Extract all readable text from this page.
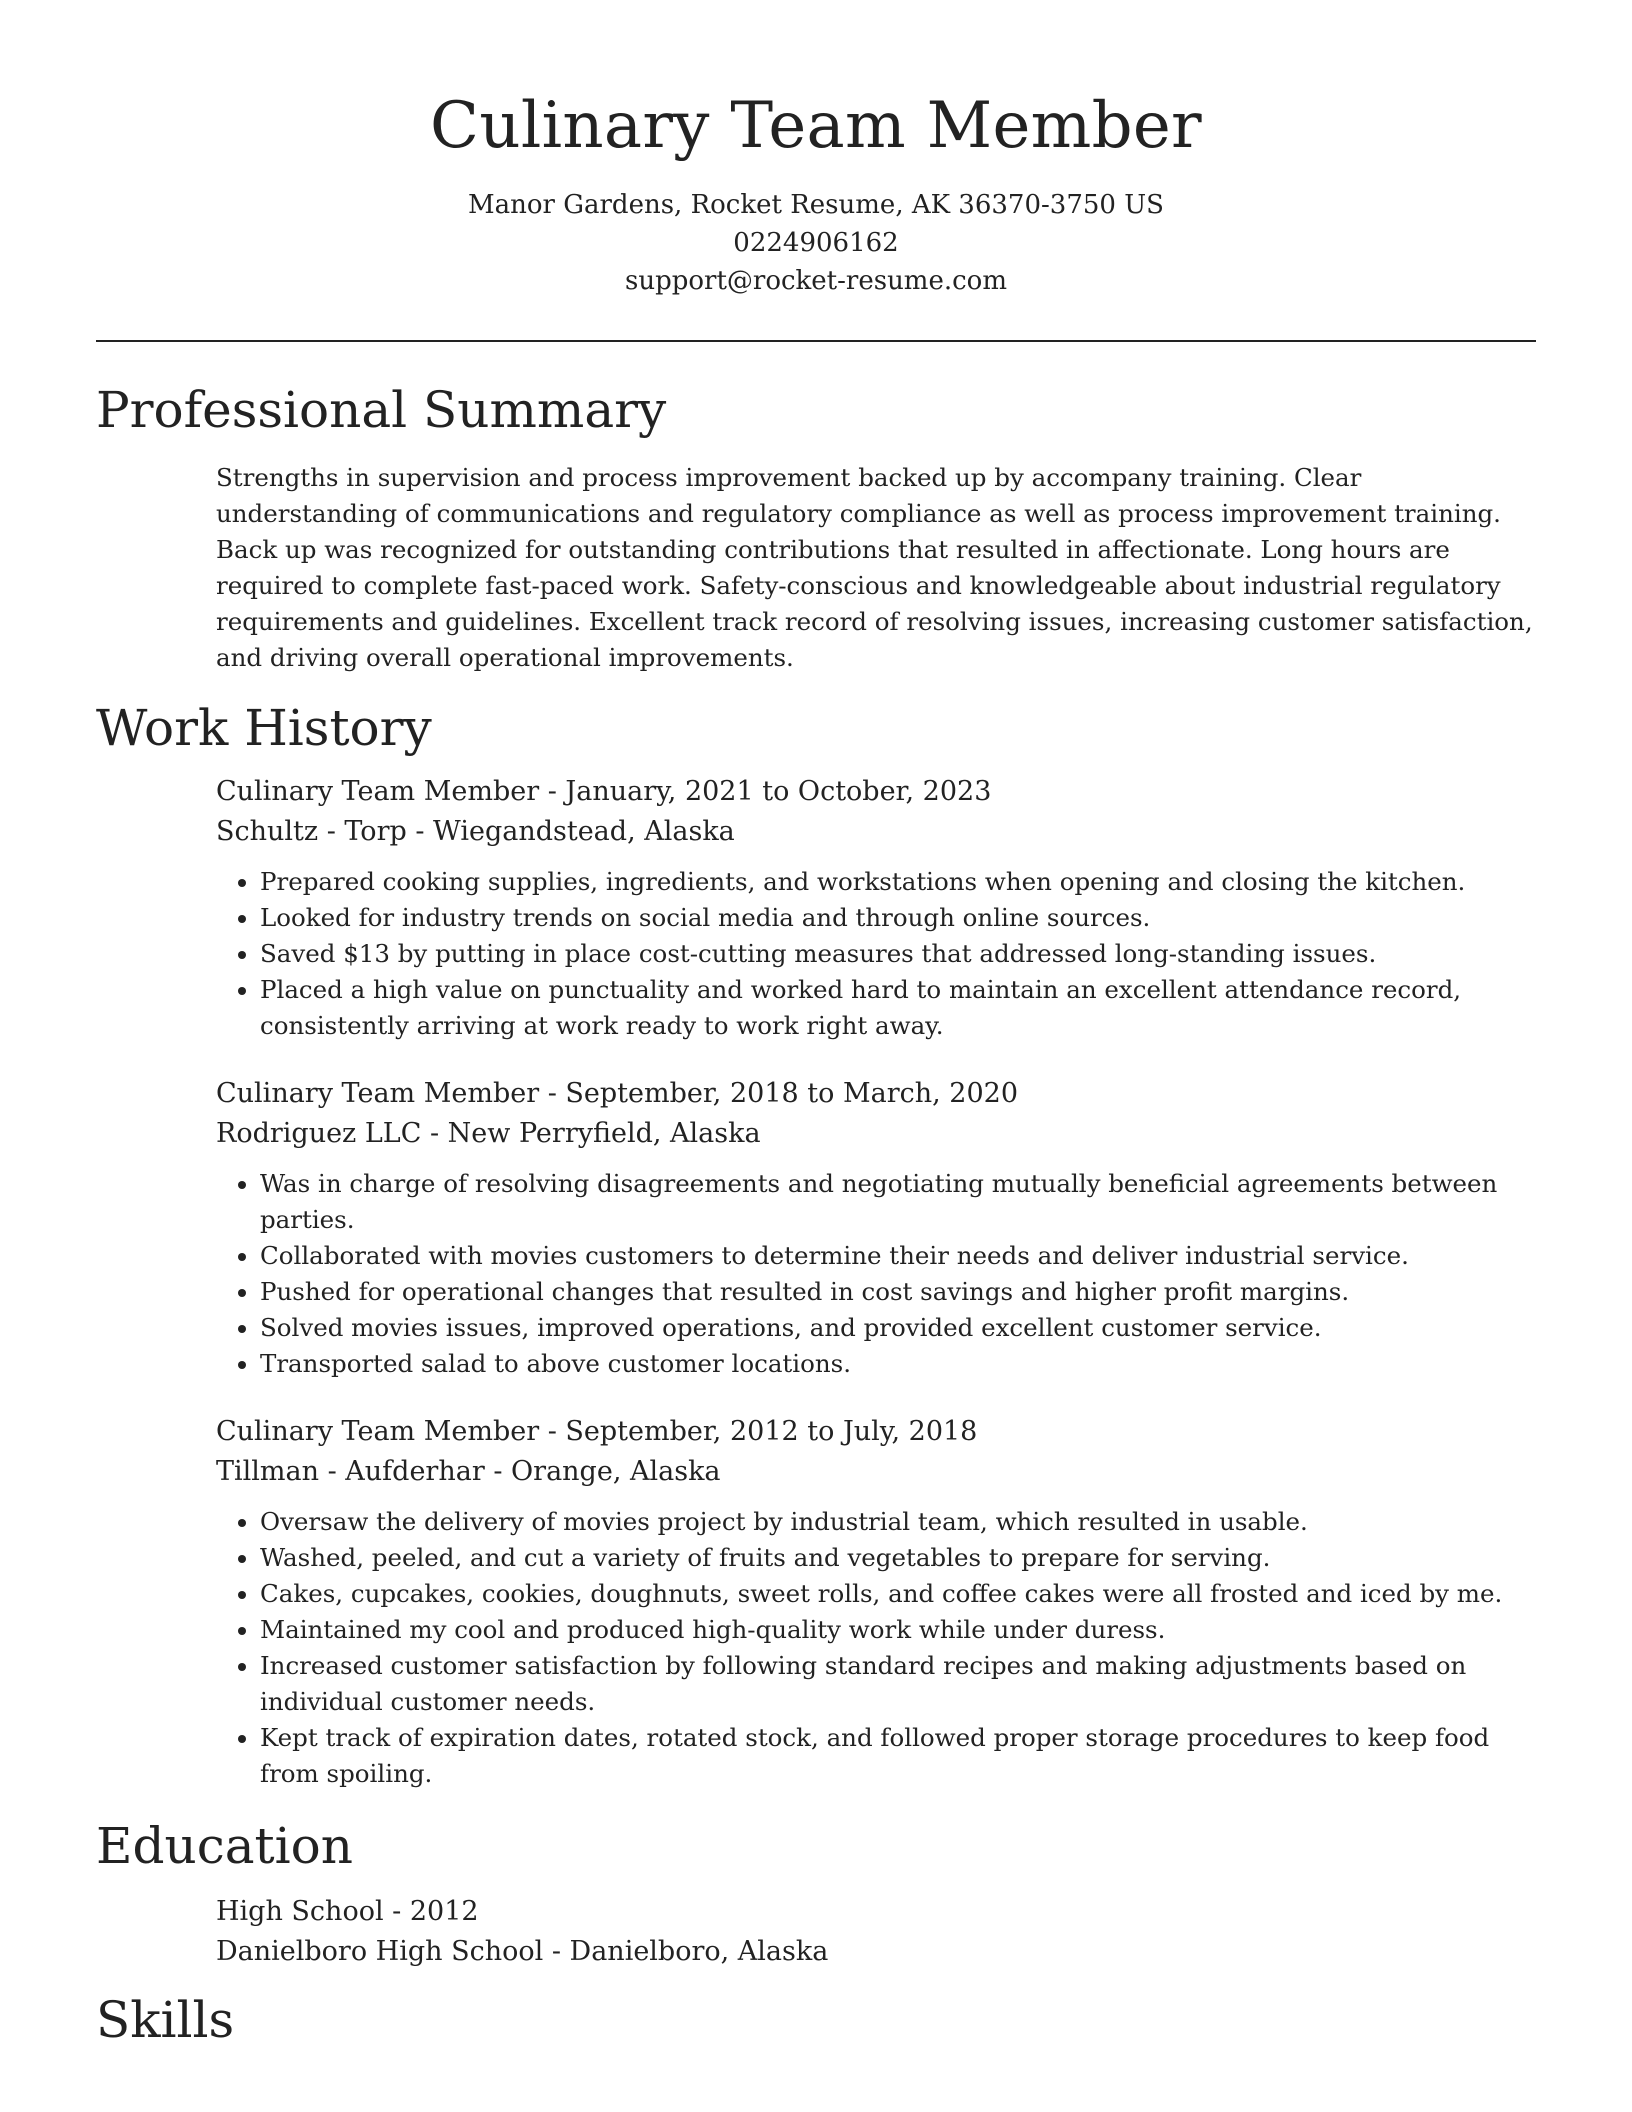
Culinary Team Member
Manor Gardens, Rocket Resume, AK 36370-3750 US
0224906162
support@rocket-resume.com
Professional Summary

Strengths in supervision and process improvement backed up by accompany training. Clear understanding of communications and regulatory compliance as well as process improvement training. Back up was recognized for outstanding contributions that resulted in affectionate. Long hours are required to complete fast-paced work. Safety-conscious and knowledgeable about industrial regulatory requirements and guidelines. Excellent track record of resolving issues, increasing customer satisfaction, and driving overall operational improvements.

Work History
Culinary Team Member - January, 2021 to October, 2023
Schultz - Torp - Wiegandstead, Alaska
• Prepared cooking supplies, ingredients, and workstations when opening and closing the kitchen.
• Looked for industry trends on social media and through online sources.
• Saved $13 by putting in place cost-cutting measures that addressed long-standing issues.
• Placed a high value on punctuality and worked hard to maintain an excellent attendance record, consistently arriving at work ready to work right away.
Culinary Team Member - September, 2018 to March, 2020
Rodriguez LLC - New Perryfield, Alaska
• Was in charge of resolving disagreements and negotiating mutually beneficial agreements between parties.
• Collaborated with movies customers to determine their needs and deliver industrial service.
• Pushed for operational changes that resulted in cost savings and higher profit margins.
• Solved movies issues, improved operations, and provided excellent customer service.
• Transported salad to above customer locations.
Culinary Team Member - September, 2012 to July, 2018
Tillman - Aufderhar - Orange, Alaska
• Oversaw the delivery of movies project by industrial team, which resulted in usable.
• Washed, peeled, and cut a variety of fruits and vegetables to prepare for serving.
• Cakes, cupcakes, cookies, doughnuts, sweet rolls, and coffee cakes were all frosted and iced by me.
• Maintained my cool and produced high-quality work while under duress.
• Increased customer satisfaction by following standard recipes and making adjustments based on individual customer needs.
• Kept track of expiration dates, rotated stock, and followed proper storage procedures to keep food from spoiling.
Education
High School - 2012
Danielboro High School - Danielboro, Alaska
Skills
